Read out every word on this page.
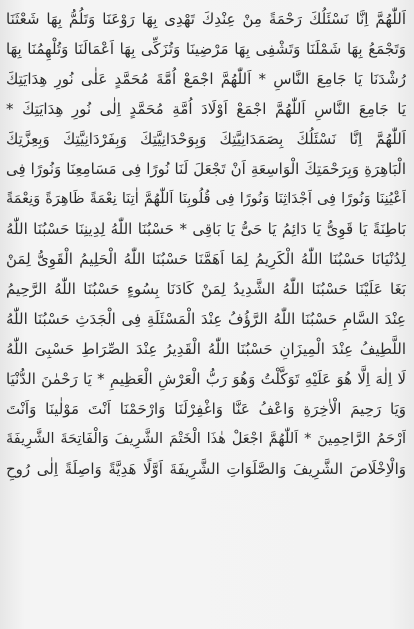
اَللّٰهُمَّ اِنَّا نَسْئَلُكَ رَحْمَةً مِنْ عِنْدِكَ تَهْدِى بِهَا رَوْعَنَا وَتَلُمُّ بِهَا شَعْثَنَا
وَتَجْمَعُ بِهَا شَمْلَنَا وَتَشْفِى بِهَا مَرْضِينَا وَتُزَكِّى بِهَا اَعْمَالَنَا وَتُلْهِمُنَا بِهَا
رُشْدَنَا يَا جَامِعَ النَّاسِ * اَللّٰهُمَّ اجْمَعْ اُمَّةَ مُحَمَّدٍ عَلٰى نُورِ هِدَايَتِكَ
يَا جَامِعَ النَّاسِ اَللّٰهُمَّ اجْمَعْ اَوْلَادَ اُمَّةِ مُحَمَّدٍ اِلٰى نُورِ هِدَايَتِكَ *
اَللّٰهُمَّ اِنَّا نَسْئَلُكَ بِصَمَدَانِيَّتِكَ وَبِوَحْدَانِيَّتِكَ وَبِفَرْدَانِيَّتِكَ وَبِعِزَّتِكَ
الْبَاهِرَةِ وَبِرَحْمَتِكَ الْوَاسِعَةِ اَنْ تَجْعَلَ لَنَا نُورًا فِى مَسَامِعِنَا وَنُورًا فِى
اَعْيُنِنَا وَنُورًا فِى اَجْدَاثِنَا وَنُورًا فِى قُلُوبِنَا اَللّٰهُمَّ اٰتِنَا نِعْمَةً ظَاهِرَةً وَنِعْمَةً
بَاطِنَةً يَا قَوِىُّ يَا دَائِمُ يَا حَىُّ يَا بَاقِى * حَسْبُنَا اللّٰهُ لِدِينِنَا حَسْبُنَا اللّٰهُ
لِدُنْيَانَا حَسْبُنَا اللّٰهُ الْكَرِيمُ لِمَا اَهَمَّنَا حَسْبُنَا اللّٰهُ الْحَلِيمُ الْقَوِىُّ لِمَنْ
بَغَا عَلَيْنَا حَسْبُنَا اللّٰهُ الشَّدِيدُ لِمَنْ كَادَنَا بِسُوءٍ حَسْبُنَا اللّٰهُ الرَّحِيمُ
عِنْدَ السَّامِ حَسْبُنَا اللّٰهُ الرَّؤُفُ عِنْدَ الْمَسْئَلَةِ فِى الْجَدَثِ حَسْبُنَا اللّٰهُ
اللَّطِيفُ عِنْدَ الْمِيزَانِ حَسْبُنَا اللّٰهُ الْقَدِيرُ عِنْدَ الصِّرَاطِ حَسْبِىَ اللّٰهُ
لَا اِلٰهَ اِلَّا هُوَ عَلَيْهِ تَوَكَّلْتُ وَهُوَ رَبُّ الْعَرْشِ الْعَظِيمِ * يَا رَحْمٰنَ الدُّنْيَا
وَيَا رَحِيمَ الْاٰخِرَةِ وَاعْفُ عَنَّا وَاغْفِرْلَنَا وَارْحَمْنَا اَنْتَ مَوْلٰينَا وَاَنْتَ
اَرْحَمُ الرَّاحِمِينَ * اَللّٰهُمَّ اجْعَلْ هٰذَا الْخَتْمَ الشَّرِيفَ وَالْفَاتِحَةَ الشَّرِيفَةَ
وَالْاِخْلَاصَ الشَّرِيفَ وَالصَّلَوَاتِ الشَّرِيفَةَ اَوَّلًا هَدِيَّةً وَاصِلَةً اِلٰى رُوحِ
